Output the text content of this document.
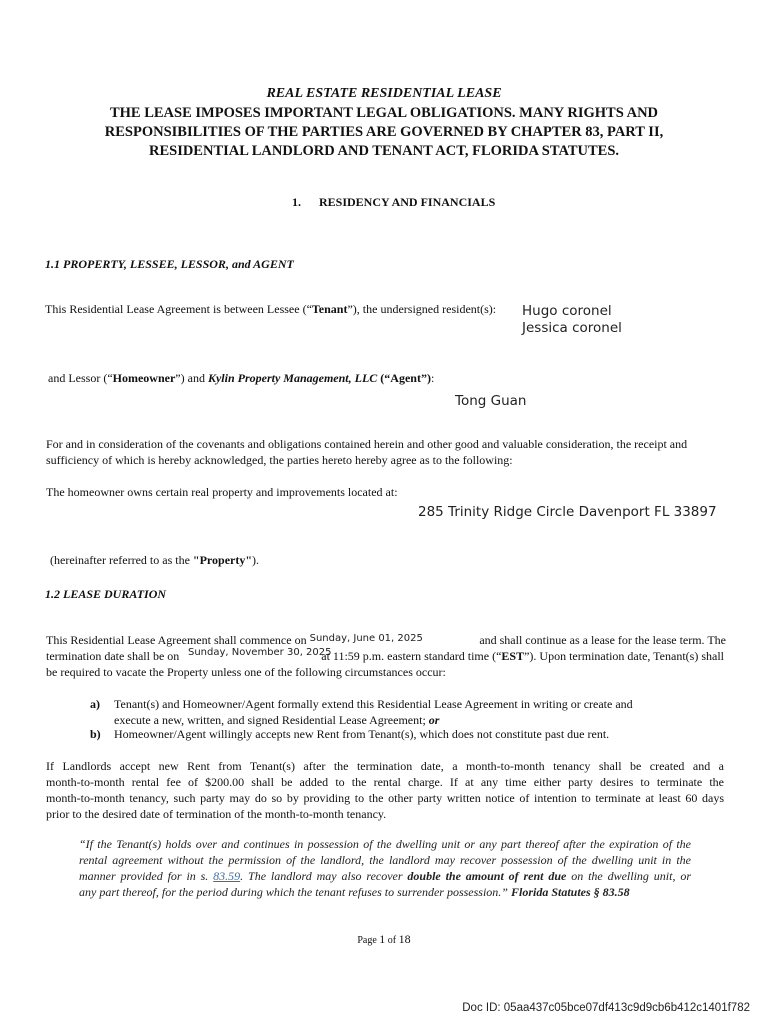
REAL ESTATE RESIDENTIAL LEASE
THE LEASE IMPOSES IMPORTANT LEGAL OBLIGATIONS. MANY RIGHTS AND
RESPONSIBILITIES OF THE PARTIES ARE GOVERNED BY CHAPTER 83, PART II,
RESIDENTIAL LANDLORD AND TENANT ACT, FLORIDA STATUTES.
1. RESIDENCY AND FINANCIALS
1.1 PROPERTY, LESSEE, LESSOR, and AGENT
This Residential Lease Agreement is between Lessee (“Tenant”), the undersigned resident(s): Hugo coronel
Jessica coronel
and Lessor (“Homeowner”) and Kylin Property Management, LLC (“Agent”):
Tong Guan
For and in consideration of the covenants and obligations contained herein and other good and valuable consideration, the receipt and
sufficiency of which is hereby acknowledged, the parties hereto hereby agree as to the following:
The homeowner owns certain real property and improvements located at:
285 Trinity Ridge Circle Davenport FL 33897
(hereinafter referred to as the "Property").
1.2 LEASE DURATION
This Residential Lease Agreement shall commence on $^{Sunday, June 01, 2025}$	and shall continue as a lease for the lease term. The
termination date shall be on Sunday, November 30, 2025
at 11:59 p.m. eastern standard time (“EST”). Upon termination date, Tenant(s) shall
be required to vacate the Property unless one of the following circumstances occur:
a) Tenant(s) and Homeowner/Agent formally extend this Residential Lease Agreement in writing or create and
execute a new, written, and signed Residential Lease Agreement; or
b) Homeowner/Agent willingly accepts new Rent from Tenant(s), which does not constitute past due rent.
If Landlords accept new Rent from Tenant(s) after the termination date, a month-to-month tenancy shall be created and a
month-to-month rental fee of $200.00 shall be added to the rental charge. If at any time either party desires to terminate the
month-to-month tenancy, such party may do so by providing to the other party written notice of intention to terminate at least 60 days
prior to the desired date of termination of the month-to-month tenancy.
“If the Tenant(s) holds over and continues in possession of the dwelling unit or any part thereof after the expiration of the
rental agreement without the permission of the landlord, the landlord may recover possession of the dwelling unit in the
manner provided for in s. 83.59. The landlord may also recover double the amount of rent due on the dwelling unit, or
any part thereof, for the period during which the tenant refuses to surrender possession.” Florida Statutes § 83.58
Page 1 of 18
Doc ID: 05aa437c05bce07df413c9d9cb6b412c1401f782
